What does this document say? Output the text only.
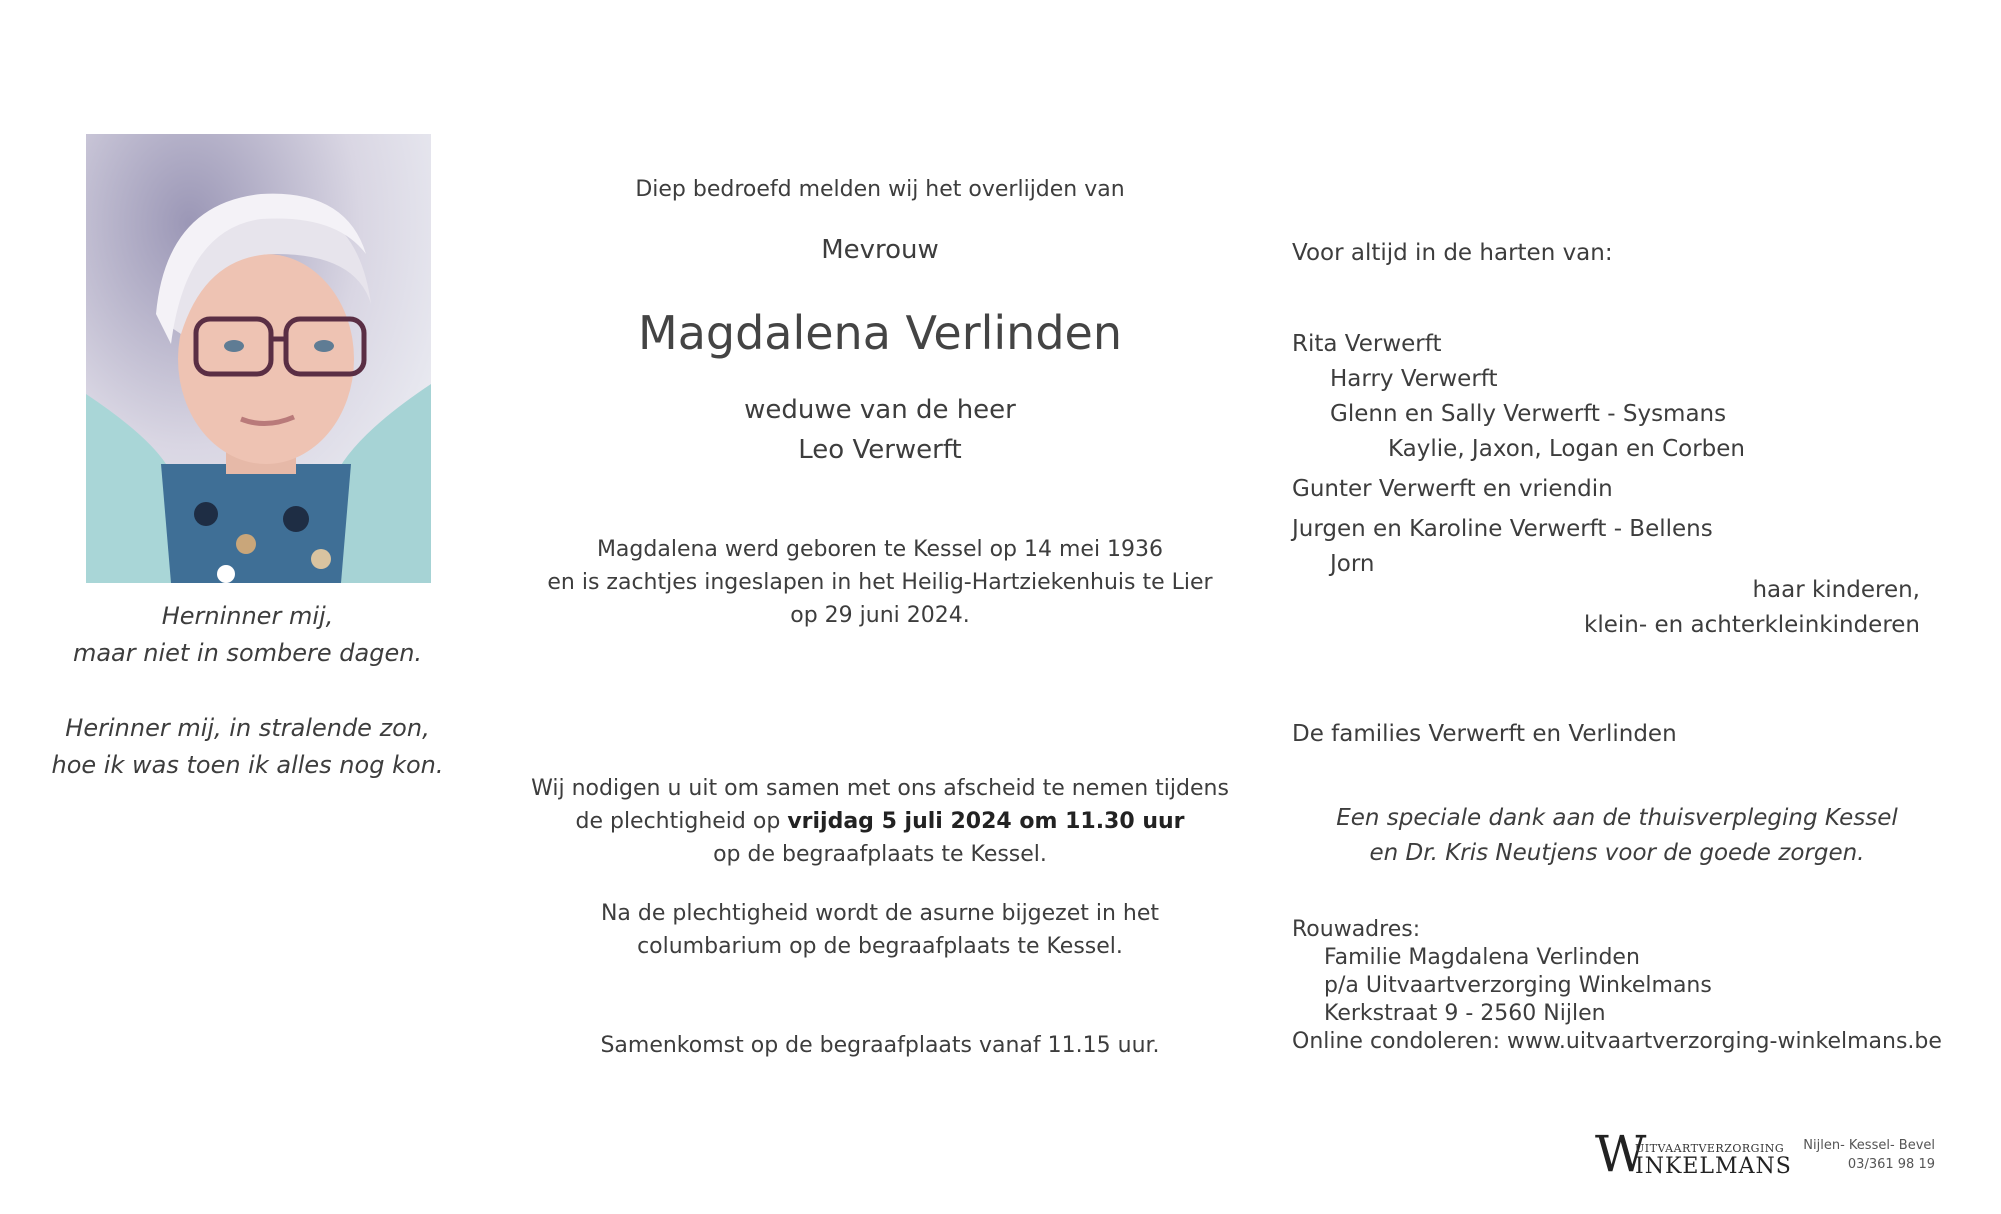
Herninner mij,
maar niet in sombere dagen.
Herinner mij, in stralende zon,
hoe ik was toen ik alles nog kon.
Diep bedroefd melden wij het overlijden van
Mevrouw
Magdalena Verlinden
weduwe van de heer
Leo Verwerft
Magdalena werd geboren te Kessel op 14 mei 1936
en is zachtjes ingeslapen in het Heilig-Hartziekenhuis te Lier
op 29 juni 2024.
Wij nodigen u uit om samen met ons afscheid te nemen tijdens
de plechtigheid op vrijdag 5 juli 2024 om 11.30 uur
op de begraafplaats te Kessel.
Na de plechtigheid wordt de asurne bijgezet in het
columbarium op de begraafplaats te Kessel.
Samenkomst op de begraafplaats vanaf 11.15 uur.
Voor altijd in de harten van:
Rita Verwerft
Harry Verwerft
Glenn en Sally Verwerft - Sysmans
Kaylie, Jaxon, Logan en Corben
Gunter Verwerft en vriendin
Jurgen en Karoline Verwerft - Bellens
Jorn
haar kinderen,
klein- en achterkleinkinderen
De families Verwerft en Verlinden
Een speciale dank aan de thuisverpleging Kessel
en Dr. Kris Neutjens voor de goede zorgen.
Rouwadres:
Familie Magdalena Verlinden
p/a Uitvaartverzorging Winkelmans
Kerkstraat 9 - 2560 Nijlen
Online condoleren: www.uitvaartverzorging-winkelmans.be
W
UITVAARTVERZORGING
INKELMANS
Nijlen- Kessel- Bevel
03/361 98 19
